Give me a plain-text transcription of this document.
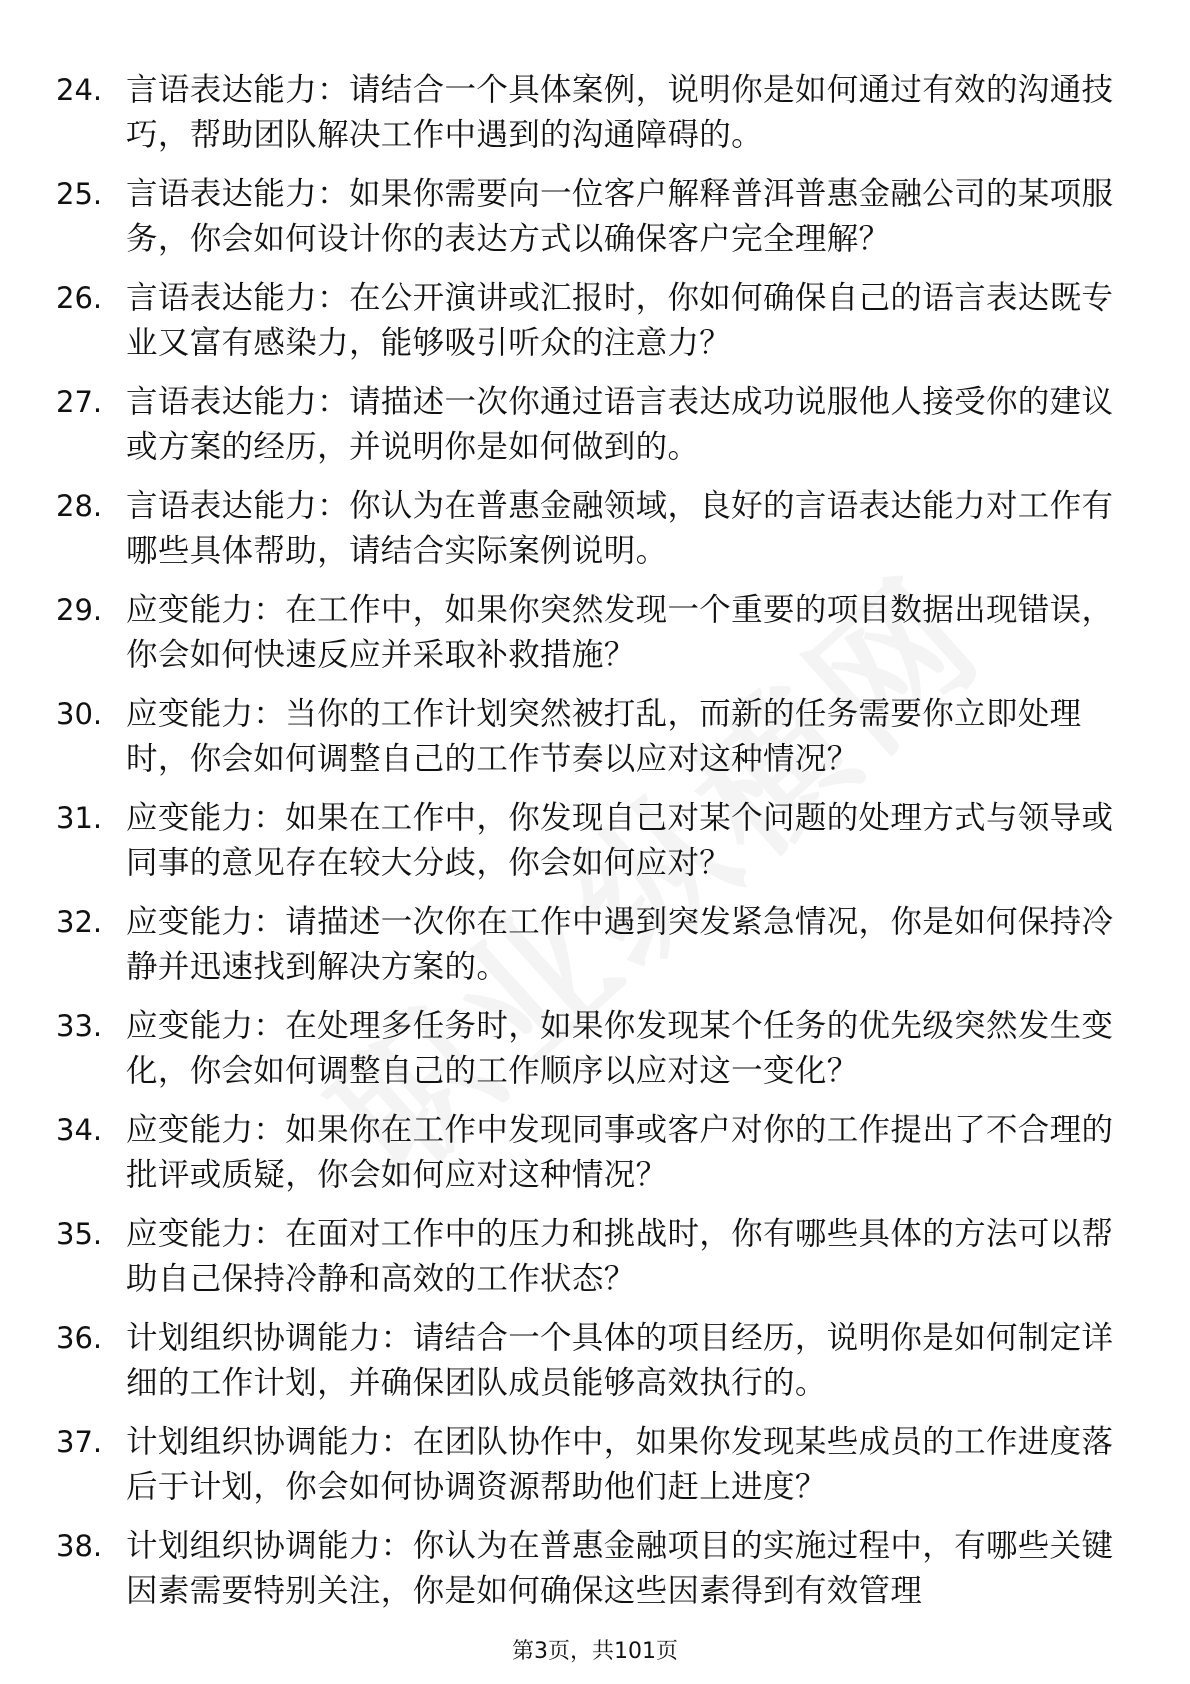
24. 言语表达能力：请结合一个具体案例，说明你是如何通过有效的沟通技巧，帮助团队解决工作中遇到的沟通障碍的。
25. 言语表达能力：如果你需要向一位客户解释普洱普惠金融公司的某项服务，你会如何设计你的表达方式以确保客户完全理解？
26. 言语表达能力：在公开演讲或汇报时，你如何确保自己的语言表达既专业又富有感染力，能够吸引听众的注意力？
27. 言语表达能力：请描述一次你通过语言表达成功说服他人接受你的建议或方案的经历，并说明你是如何做到的。
28. 言语表达能力：你认为在普惠金融领域，良好的言语表达能力对工作有哪些具体帮助，请结合实际案例说明。
29. 应变能力：在工作中，如果你突然发现一个重要的项目数据出现错误，你会如何快速反应并采取补救措施？
30. 应变能力：当你的工作计划突然被打乱，而新的任务需要你立即处理时，你会如何调整自己的工作节奏以应对这种情况？
31. 应变能力：如果在工作中，你发现自己对某个问题的处理方式与领导或同事的意见存在较大分歧，你会如何应对？
32. 应变能力：请描述一次你在工作中遇到突发紧急情况，你是如何保持冷静并迅速找到解决方案的。
33. 应变能力：在处理多任务时，如果你发现某个任务的优先级突然发生变化，你会如何调整自己的工作顺序以应对这一变化？
34. 应变能力：如果你在工作中发现同事或客户对你的工作提出了不合理的批评或质疑，你会如何应对这种情况？
35. 应变能力：在面对工作中的压力和挑战时，你有哪些具体的方法可以帮助自己保持冷静和高效的工作状态？
36. 计划组织协调能力：请结合一个具体的项目经历，说明你是如何制定详细的工作计划，并确保团队成员能够高效执行的。
37. 计划组织协调能力：在团队协作中，如果你发现某些成员的工作进度落后于计划，你会如何协调资源帮助他们赶上进度？
38. 计划组织协调能力：你认为在普惠金融项目的实施过程中，有哪些关键因素需要特别关注，你是如何确保这些因素得到有效管理
第3页，共101页
